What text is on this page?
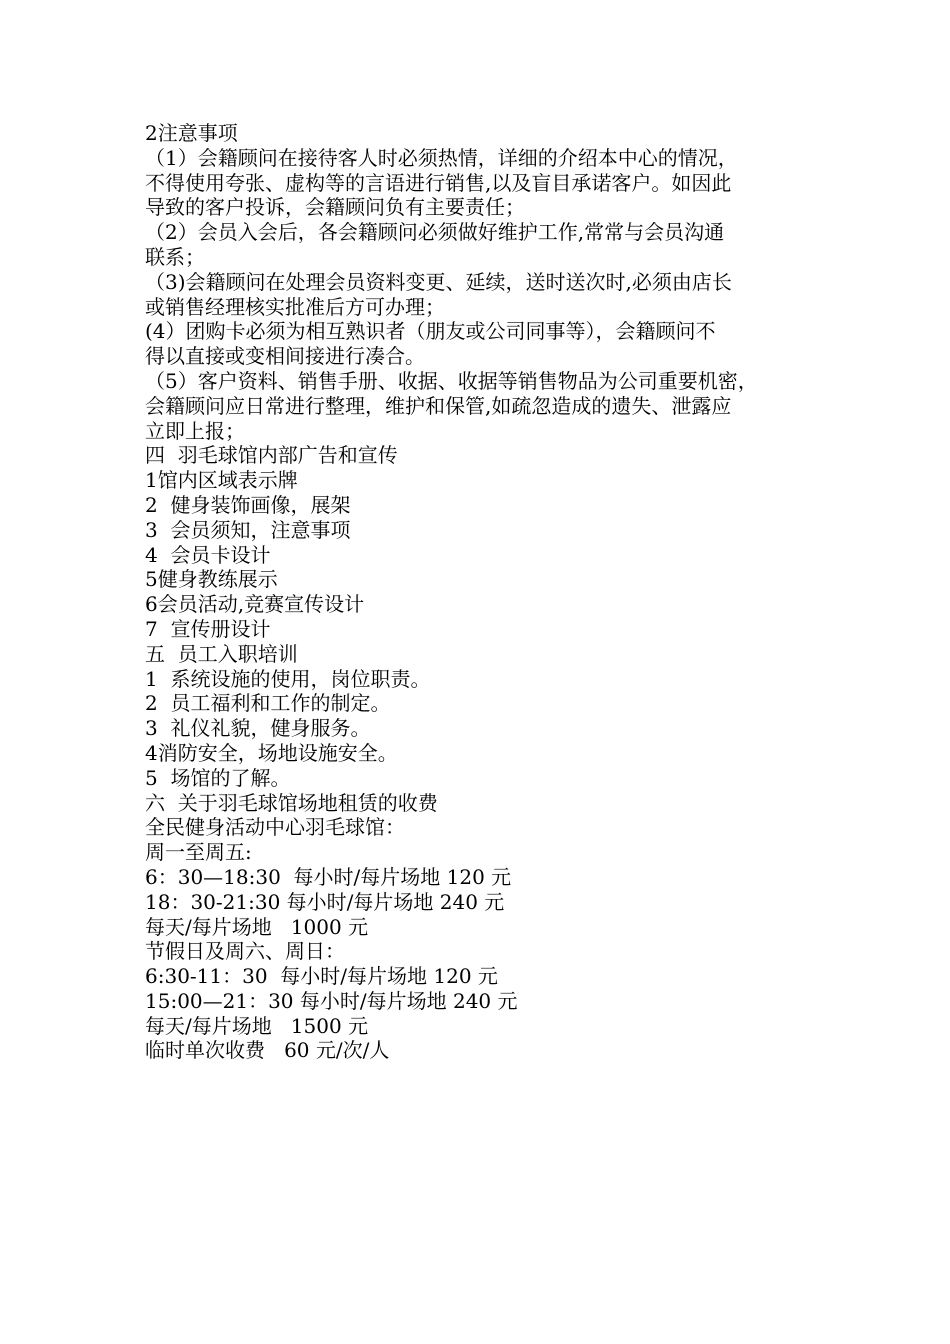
2注意事项
（1）会籍顾问在接待客人时必须热情，详细的介绍本中心的情况，
不得使用夸张、虚构等的言语进行销售,以及盲目承诺客户。如因此
导致的客户投诉，会籍顾问负有主要责任；
（2）会员入会后，各会籍顾问必须做好维护工作,常常与会员沟通
联系；
（3)会籍顾问在处理会员资料变更、延续，送时送次时,必须由店长
或销售经理核实批准后方可办理；
(4）团购卡必须为相互熟识者（朋友或公司同事等），会籍顾问不
得以直接或变相间接进行凑合。
（5）客户资料、销售手册、收据、收据等销售物品为公司重要机密，
会籍顾问应日常进行整理，维护和保管,如疏忽造成的遗失、泄露应
立即上报；
四  羽毛球馆内部广告和宣传
1馆内区域表示牌
2  健身装饰画像，展架
3  会员须知，注意事项
4  会员卡设计
5健身教练展示
6会员活动,竞赛宣传设计
7  宣传册设计
五  员工入职培训
1  系统设施的使用，岗位职责。
2  员工福利和工作的制定。
3  礼仪礼貌，健身服务。
4消防安全，场地设施安全。
5  场馆的了解。
六  关于羽毛球馆场地租赁的收费
全民健身活动中心羽毛球馆：
周一至周五:
6：30—18:30  每小时/每片场地 120 元
18：30-21:30 每小时/每片场地 240 元
每天/每片场地   1000 元
节假日及周六、周日：
6:30-11：30  每小时/每片场地 120 元
15:00—21：30 每小时/每片场地 240 元
每天/每片场地   1500 元
临时单次收费   60 元/次/人
